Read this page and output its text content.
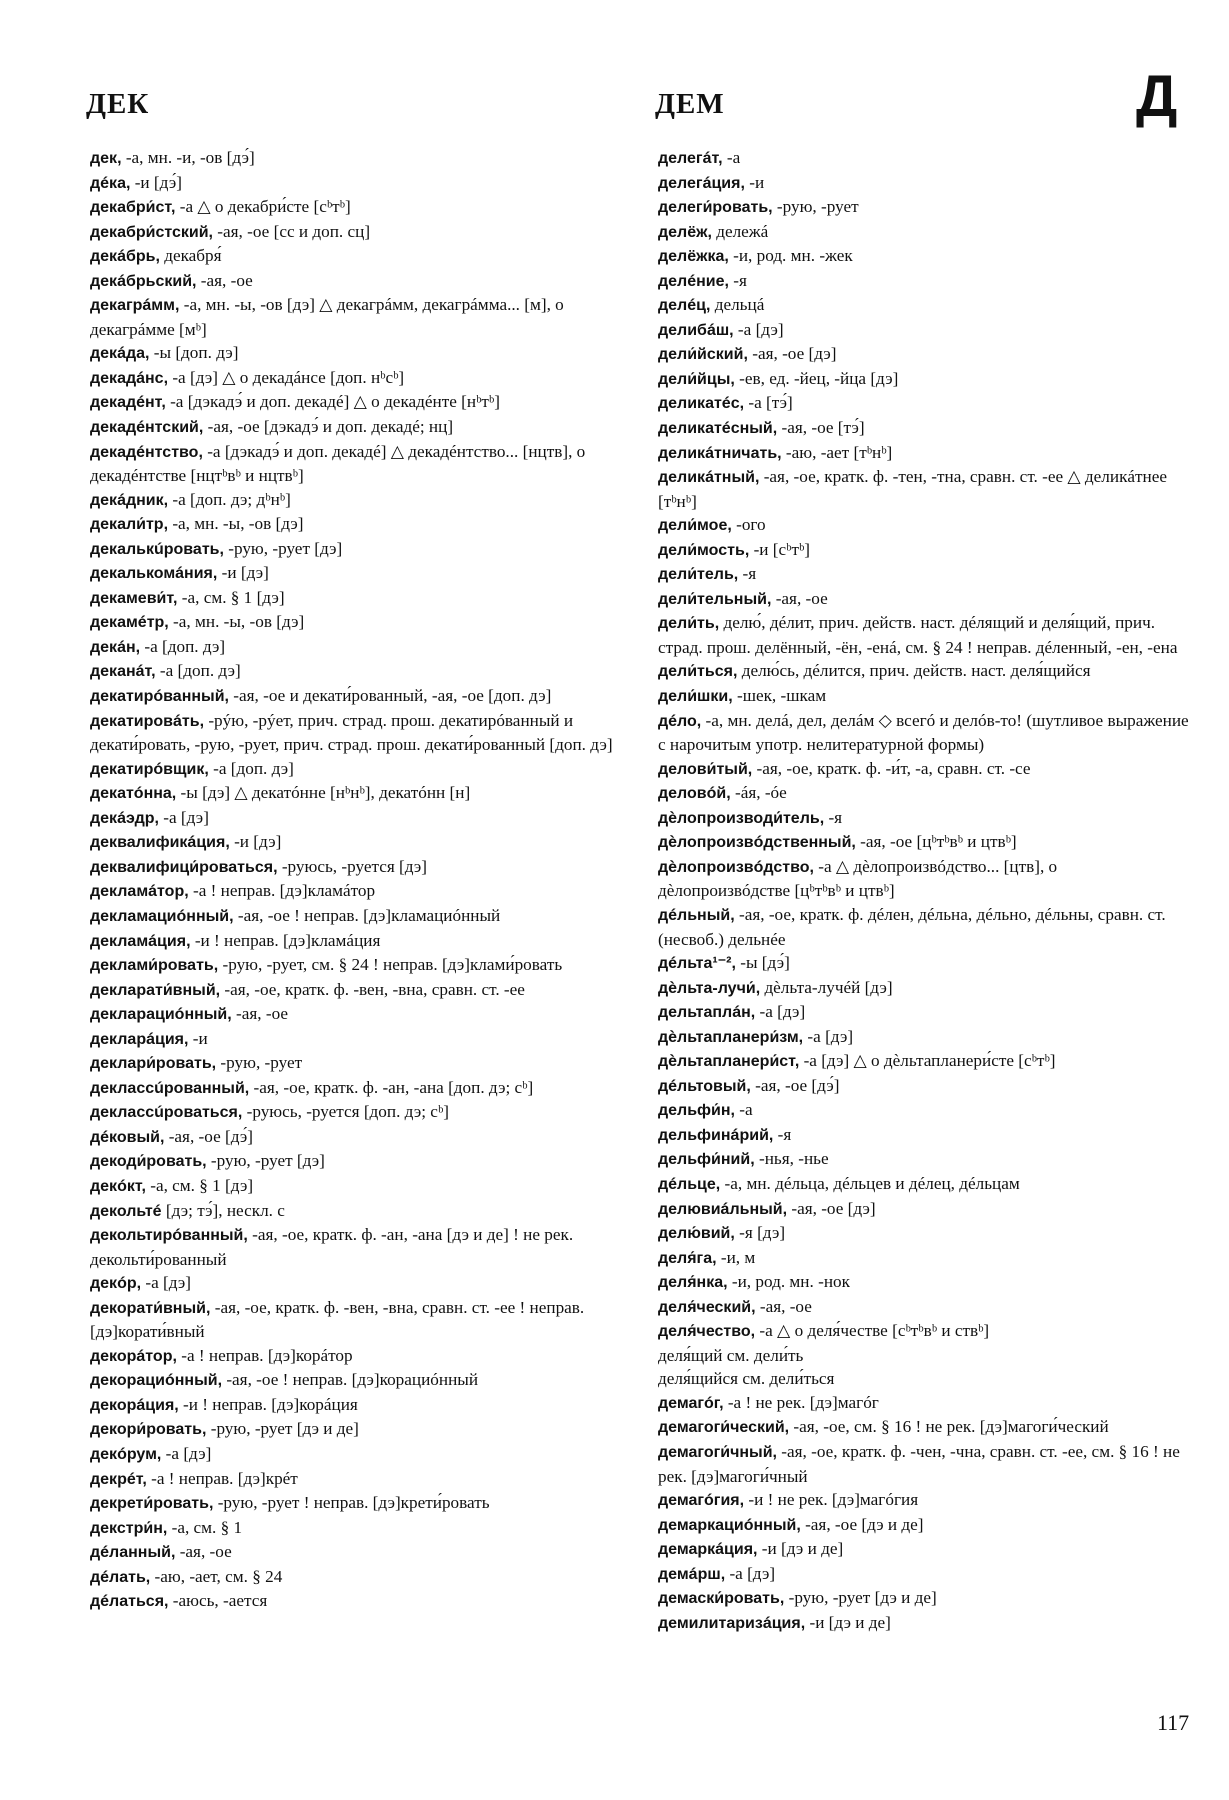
ДЕК	ДЕМ	Д
дек, -а, мн. -и, -ов [дэ́]
дéка, -и [дэ́]
декабри́ст, -а △ о декабри́сте [сᵇтᵇ]
декабри́стский, -ая, -ое [сс и доп. сц]
декáбрь, декабря́
декáбрьский, -ая, -ое
декагрáмм, -а, мн. -ы, -ов [дэ] △ декагрáмм, декагрáмма... [м], о декагрáмме [мᵇ]
декáда, -ы [доп. дэ]
декадáнс, -а [дэ] △ о декадáнсе [доп. нᵇсᵇ]
декадéнт, -а [дэкадэ́ и доп. декадé] △ о декадéнте [нᵇтᵇ]
декадéнтский, -ая, -ое [дэкадэ́ и доп. декадé; нц]
декадéнтство, -а [дэкадэ́ и доп. декадé] △ декадéнтство... [нцтв], о декадéнтстве [нцтᵇвᵇ и нцтвᵇ]
декáдник, -а [доп. дэ; дᵇнᵇ]
декали́тр, -а, мн. -ы, -ов [дэ]
декалькúровать, -рую, -рует [дэ]
декалькомáния, -и [дэ]
декамеви́т, -а, см. § 1 [дэ]
декамéтр, -а, мн. -ы, -ов [дэ]
декáн, -а [доп. дэ]
деканáт, -а [доп. дэ]
декатирóванный, -ая, -ое и декати́рованный, -ая, -ое [доп. дэ]
декатировáть, -рýю, -рýет, прич. страд. прош. декатирóванный и декати́ровать, -рую, -рует, прич. страд. прош. декати́рованный [доп. дэ]
декатирóвщик, -а [доп. дэ]
декатóнна, -ы [дэ] △ декатóнне [нᵇнᵇ], декатóнн [н]
декáэдр, -а [дэ]
деквалификáция, -и [дэ]
деквалифици́роваться, -руюсь, -руется [дэ]
декламáтор, -а ! неправ. [дэ]кламáтор
декламациóнный, -ая, -ое ! неправ. [дэ]кламациóнный
декламáция, -и ! неправ. [дэ]кламáция
деклами́ровать, -рую, -рует, см. § 24 ! неправ. [дэ]клами́ровать
декларати́вный, -ая, -ое, кратк. ф. -вен, -вна, сравн. ст. -ее
декларациóнный, -ая, -ое
декларáция, -и
деклари́ровать, -рую, -рует
деклассúрованный, -ая, -ое, кратк. ф. -ан, -ана [доп. дэ; сᵇ]
деклассúроваться, -руюсь, -руется [доп. дэ; сᵇ]
дéковый, -ая, -ое [дэ́]
декоди́ровать, -рую, -рует [дэ]
декóкт, -а, см. § 1 [дэ]
декольтé [дэ; тэ́], нескл. с
декольтирóванный, -ая, -ое, кратк. ф. -ан, -ана [дэ и де] ! не рек. декольти́рованный
декóр, -а [дэ]
декорати́вный, -ая, -ое, кратк. ф. -вен, -вна, сравн. ст. -ее ! неправ. [дэ]корати́вный
декорáтор, -а ! неправ. [дэ]корáтор
декорациóнный, -ая, -ое ! неправ. [дэ]корациóнный
декорáция, -и ! неправ. [дэ]корáция
декори́ровать, -рую, -рует [дэ и де]
декóрум, -а [дэ]
декрéт, -а ! неправ. [дэ]крéт
декрети́ровать, -рую, -рует ! неправ. [дэ]крети́ровать
декстри́н, -а, см. § 1
дéланный, -ая, -ое
дéлать, -аю, -ает, см. § 24
дéлаться, -аюсь, -ается
делегáт, -а
делегáция, -и
делеги́ровать, -рую, -рует
делёж, дележá
делёжка, -и, род. мн. -жек
делéние, -я
делéц, дельцá
делибáш, -а [дэ]
дели́йский, -ая, -ое [дэ]
дели́йцы, -ев, ед. -йец, -йца [дэ]
деликатéс, -а [тэ́]
деликатéсный, -ая, -ое [тэ́]
деликáтничать, -аю, -ает [тᵇнᵇ]
деликáтный, -ая, -ое, кратк. ф. -тен, -тна, сравн. ст. -ее △ деликáтнее [тᵇнᵇ]
дели́мое, -ого
дели́мость, -и [сᵇтᵇ]
дели́тель, -я
дели́тельный, -ая, -ое
дели́ть, делю́, дéлит, прич. действ. наст. дéлящий и деля́щий, прич. страд. прош. делённый, -ён, -енá, см. § 24 ! неправ. дéленный, -ен, -ена
дели́ться, делю́сь, дéлится, прич. действ. наст. деля́щийся
дели́шки, -шек, -шкам
дéло, -а, мн. делá, дел, делáм ◇ всегó и делóв-то! (шутливое выражение с нарочитым употр. нелитературной формы)
делови́тый, -ая, -ое, кратк. ф. -и́т, -а, сравн. ст. -се
деловóй, -áя, -óе
дѐлопроизводи́тель, -я
дѐлопроизвóдственный, -ая, -ое [цᵇтᵇвᵇ и цтвᵇ]
дѐлопроизвóдство, -а △ дѐлопроизвóдство... [цтв], о дѐлопроизвóдстве [цᵇтᵇвᵇ и цтвᵇ]
дéльный, -ая, -ое, кратк. ф. дéлен, дéльна, дéльно, дéльны, сравн. ст. (несвоб.) дельнéе
дéльта¹⁻², -ы [дэ́]
дѐльта-лучи́, дѐльта-лучéй [дэ]
дельтаплáн, -а [дэ]
дѐльтапланери́зм, -а [дэ]
дѐльтапланери́ст, -а [дэ] △ о дѐльтапланери́сте [сᵇтᵇ]
дéльтовый, -ая, -ое [дэ́]
дельфи́н, -а
дельфинáрий, -я
дельфи́ний, -нья, -нье
дéльце, -а, мн. дéльца, дéльцев и дéлец, дéльцам
делювиáльный, -ая, -ое [дэ]
делю́вий, -я [дэ]
деля́га, -и, м
деля́нка, -и, род. мн. -нок
деля́ческий, -ая, -ое
деля́чество, -а △ о деля́честве [сᵇтᵇвᵇ и ствᵇ]
деля́щий см. дели́ть
деля́щийся см. дели́ться
демагóг, -а ! не рек. [дэ]магóг
демагоги́ческий, -ая, -ое, см. § 16 ! не рек. [дэ]магоги́ческий
демагоги́чный, -ая, -ое, кратк. ф. -чен, -чна, сравн. ст. -ее, см. § 16 ! не рек. [дэ]магоги́чный
демагóгия, -и ! не рек. [дэ]магóгия
демаркациóнный, -ая, -ое [дэ и де]
демаркáция, -и [дэ и де]
демáрш, -а [дэ]
демаски́ровать, -рую, -рует [дэ и де]
демилитаризáция, -и [дэ и де]
117
